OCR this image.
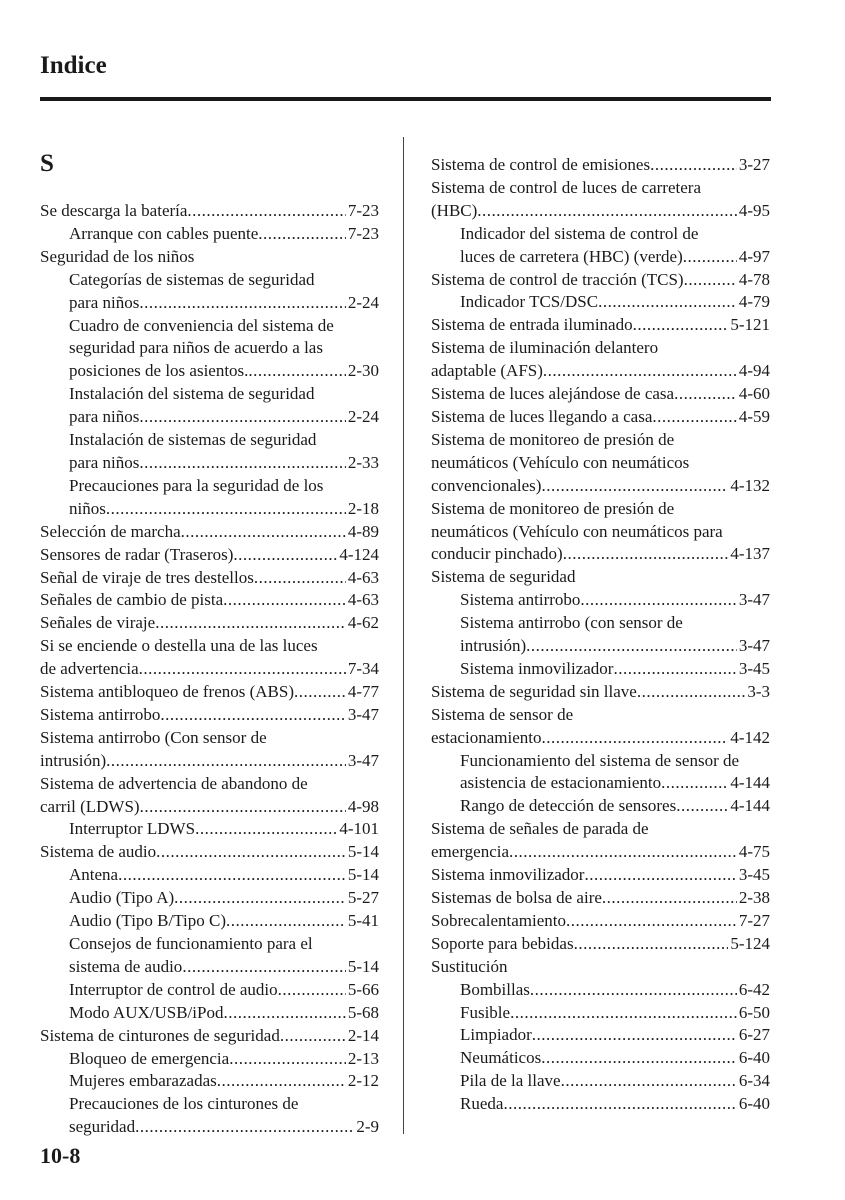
Indice
S
Se descarga la batería .....	7-23
Arranque con cables puente .....	7-23
Seguridad de los niños
Categorías de sistemas de seguridad
para niños .....	2-24
Cuadro de conveniencia del sistema de
seguridad para niños de acuerdo a las
posiciones de los asientos. .....	2-30
Instalación del sistema de seguridad
para niños .....	2-24
Instalación de sistemas de seguridad
para niños .....	2-33
Precauciones para la seguridad de los
niños .....	2-18
Selección de marcha .....	4-89
Sensores de radar (Traseros) .....	4-124
Señal de viraje de tres destellos .....	4-63
Señales de cambio de pista .....	4-63
Señales de viraje .....	4-62
Si se enciende o destella una de las luces
de advertencia .....	7-34
Sistema antibloqueo de frenos (ABS) .....	4-77
Sistema antirrobo .....	3-47
Sistema antirrobo (Con sensor de
intrusión) .....	3-47
Sistema de advertencia de abandono de
carril (LDWS) .....	4-98
Interruptor LDWS .....	4-101
Sistema de audio .....	5-14
Antena .....	5-14
Audio (Tipo A) .....	5-27
Audio (Tipo B/Tipo C) .....	5-41
Consejos de funcionamiento para el
sistema de audio .....	5-14
Interruptor de control de audio .....	5-66
Modo AUX/USB/iPod .....	5-68
Sistema de cinturones de seguridad .....	2-14
Bloqueo de emergencia .....	2-13
Mujeres embarazadas .....	2-12
Precauciones de los cinturones de
seguridad .....	2-9
Sistema de control de emisiones .....	3-27
Sistema de control de luces de carretera
(HBC) .....	4-95
Indicador del sistema de control de
luces de carretera (HBC) (verde) .....	4-97
Sistema de control de tracción (TCS) .....	4-78
Indicador TCS/DSC .....	4-79
Sistema de entrada iluminado .....	5-121
Sistema de iluminación delantero
adaptable (AFS) .....	4-94
Sistema de luces alejándose de casa .....	4-60
Sistema de luces llegando a casa .....	4-59
Sistema de monitoreo de presión de
neumáticos (Vehículo con neumáticos
convencionales) .....	4-132
Sistema de monitoreo de presión de
neumáticos (Vehículo con neumáticos para
conducir pinchado) .....	4-137
Sistema de seguridad
Sistema antirrobo .....	3-47
Sistema antirrobo (con sensor de
intrusión) .....	3-47
Sistema inmovilizador .....	3-45
Sistema de seguridad sin llave .....	3-3
Sistema de sensor de
estacionamiento .....	4-142
Funcionamiento del sistema de sensor de
asistencia de estacionamiento .....	4-144
Rango de detección de sensores .....	4-144
Sistema de señales de parada de
emergencia .....	4-75
Sistema inmovilizador .....	3-45
Sistemas de bolsa de aire .....	2-38
Sobrecalentamiento .....	7-27
Soporte para bebidas .....	5-124
Sustitución
Bombillas .....	6-42
Fusible .....	6-50
Limpiador .....	6-27
Neumáticos .....	6-40
Pila de la llave .....	6-34
Rueda .....	6-40
10-8
